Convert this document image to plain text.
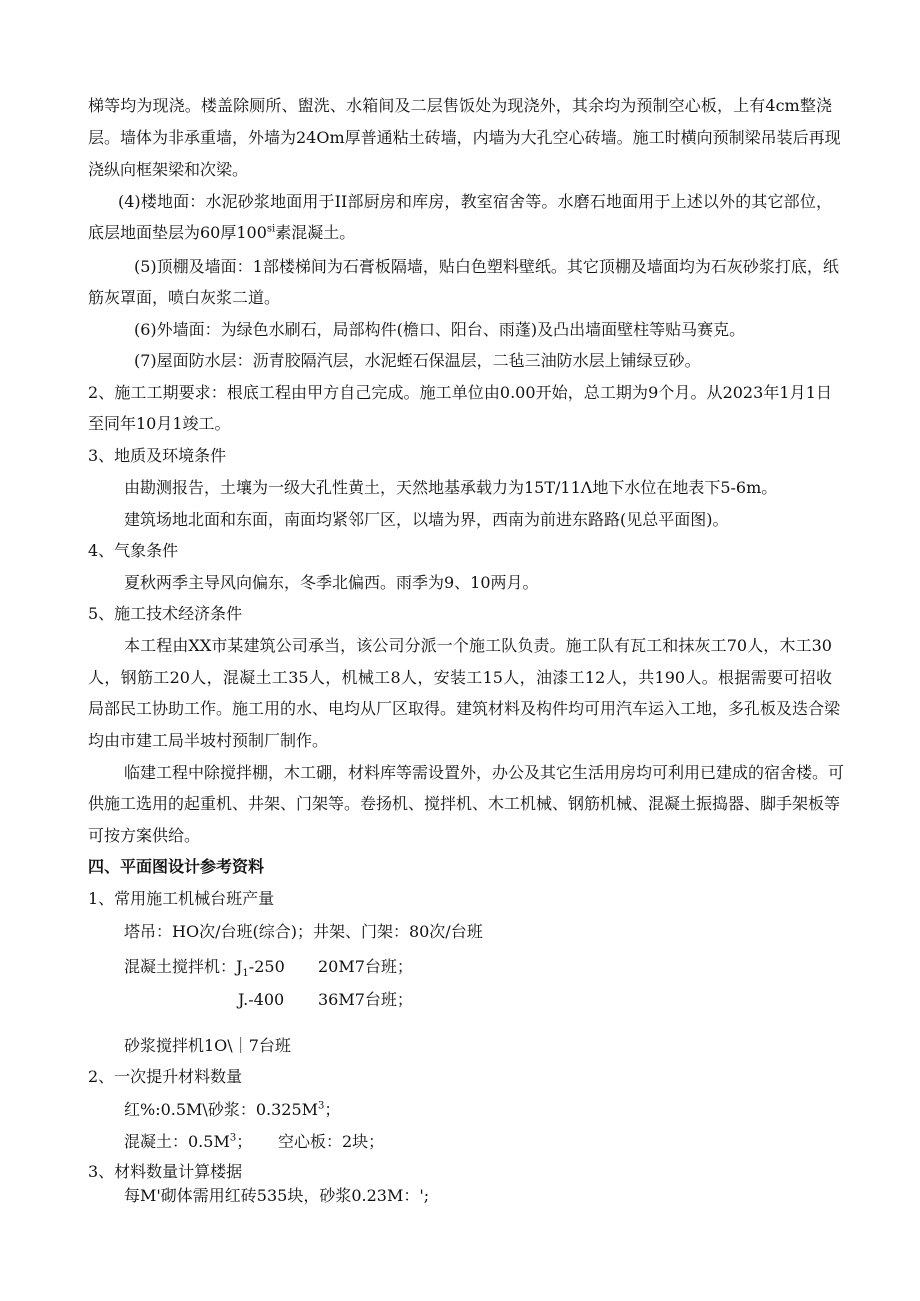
梯等均为现浇。楼盖除厕所、盥洗、水箱间及二层售饭处为现浇外，其余均为预制空心板，上有4cm整浇
层。墙体为非承重墙，外墙为24Om厚普通粘土砖墙，内墙为大孔空心砖墙。施工时横向预制梁吊装后再现
浇纵向框架梁和次梁。
(4)楼地面：水泥砂浆地面用于II部厨房和库房，教室宿舍等。水磨石地面用于上述以外的其它部位，
底层地面垫层为60厚$100^{si}$素混凝土。
(5)顶棚及墙面：1部楼梯间为石膏板隔墙，贴白色塑料壁纸。其它顶棚及墙面均为石灰砂浆打底，纸
筋灰罩面，喷白灰浆二道。
(6)外墙面：为绿色水刷石，局部构件(檐口、阳台、雨蓬)及凸出墙面壁柱等贴马赛克。
(7)屋面防水层：沥青胶隔汽层，水泥蛭石保温层，二毡三油防水层上铺绿豆砂。
2、施工工期要求：根底工程由甲方自己完成。施工单位由0.00开始，总工期为9个月。从2023年1月1日
至同年10月1竣工。
3、地质及环境条件
由勘测报告，土壤为一级大孔性黄土，天然地基承载力为15T/11Λ地下水位在地表下5-6m。
建筑场地北面和东面，南面均紧邻厂区，以墙为界，西南为前进东路路(见总平面图)。
4、气象条件
夏秋两季主导风向偏东，冬季北偏西。雨季为9、10两月。
5、施工技术经济条件
本工程由XX市某建筑公司承当，该公司分派一个施工队负责。施工队有瓦工和抹灰工70人，木工30
人，钢筋工20人，混凝土工35人，机械工8人，安装工15人，油漆工12人，共190人。根据需要可招收
局部民工协助工作。施工用的水、电均从厂区取得。建筑材料及构件均可用汽车运入工地，多孔板及迭合梁
均由市建工局半坡村预制厂制作。
临建工程中除搅拌棚，木工硼，材料库等需设置外，办公及其它生活用房均可利用已建成的宿舍楼。可
供施工选用的起重机、井架、门架等。卷扬机、搅拌机、木工机械、钢筋机械、混凝土振捣器、脚手架板等
可按方案供给。
四、平面图设计参考资料
1、常用施工机械台班产量
塔吊：HO次/台班(综合)；井架、门架：80次/台班
混凝土搅拌机：$J_1-250$ 20M7台班；
J.-400 36M7台班；
砂浆搅拌机1O\｜7台班
2、一次提升材料数量
红%:0.5M\砂浆：$0.325M^3$；
混凝土：$0.5M^3$； 空心板：2块；
3、材料数量计算楼据
每M'砌体需用红砖535块，砂浆0.23M：';
